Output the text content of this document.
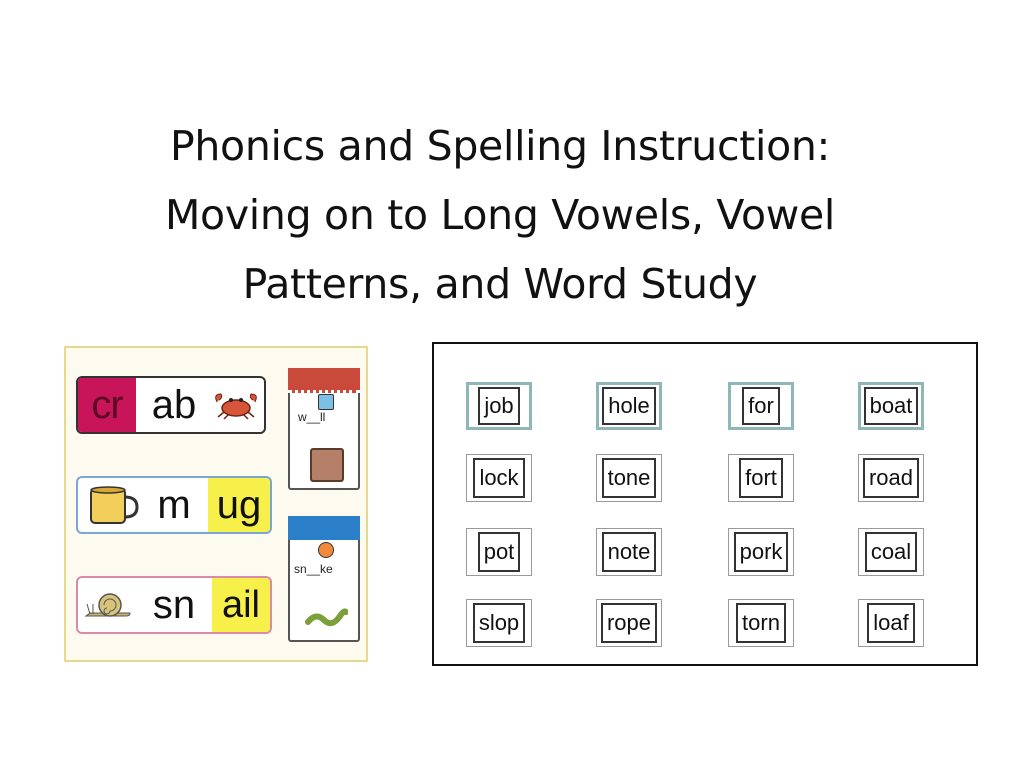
Phonics and Spelling Instruction:
Moving on to Long Vowels, Vowel
Patterns, and Word Study
cr ab
m ug
sn ail
w__ll
sn__ke
job
lock
pot
slop
hole
tone
note
rope
for
fort
pork
torn
boat
road
coal
loaf
